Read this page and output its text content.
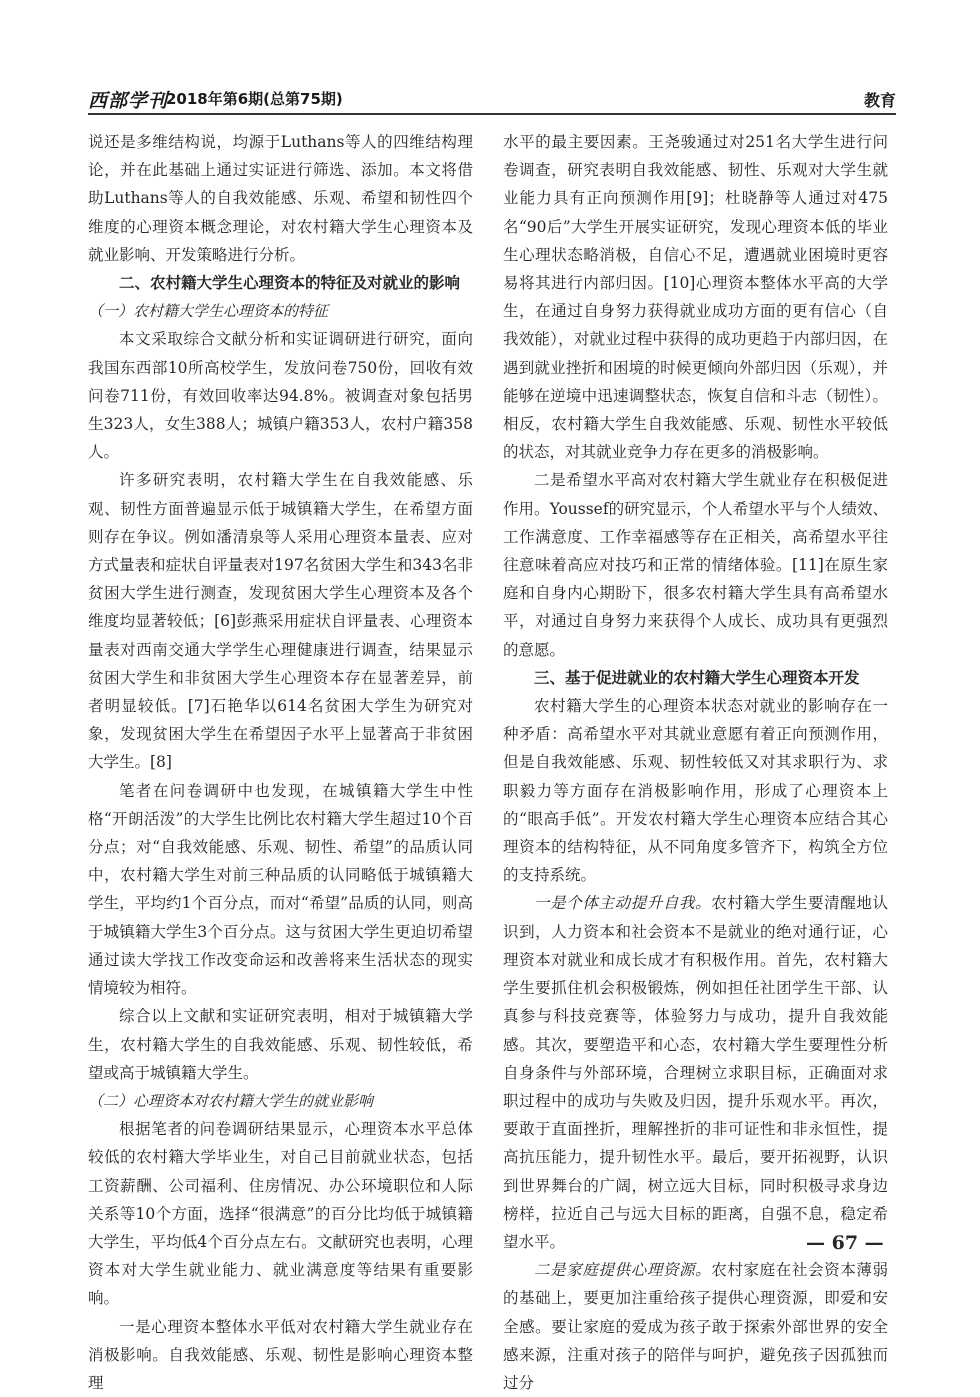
西部学刊
2018年第6期(总第75期)	教育

说还是多维结构说，均源于Luthans等人的四维结构理论，并在此基础上通过实证进行筛选、添加。本文将借助Luthans等人的自我效能感、乐观、希望和韧性四个维度的心理资本概念理论，对农村籍大学生心理资本及就业影响、开发策略进行分析。

二、农村籍大学生心理资本的特征及对就业的影响
（一）农村籍大学生心理资本的特征

本文采取综合文献分析和实证调研进行研究，面向我国东西部10所高校学生，发放问卷750份，回收有效问卷711份，有效回收率达94.8%。被调查对象包括男生323人，女生388人；城镇户籍353人，农村户籍358人。

许多研究表明，农村籍大学生在自我效能感、乐观、韧性方面普遍显示低于城镇籍大学生，在希望方面则存在争议。例如潘清泉等人采用心理资本量表、应对方式量表和症状自评量表对197名贫困大学生和343名非贫困大学生进行测查，发现贫困大学生心理资本及各个维度均显著较低；[6]彭燕采用症状自评量表、心理资本量表对西南交通大学学生心理健康进行调查，结果显示贫困大学生和非贫困大学生心理资本存在显著差异，前者明显较低。[7]石艳华以614名贫困大学生为研究对象，发现贫困大学生在希望因子水平上显著高于非贫困大学生。[8]

笔者在问卷调研中也发现，在城镇籍大学生中性格“开朗活泼”的大学生比例比农村籍大学生超过10个百分点；对“自我效能感、乐观、韧性、希望”的品质认同中，农村籍大学生对前三种品质的认同略低于城镇籍大学生，平均约1个百分点，而对“希望”品质的认同，则高于城镇籍大学生3个百分点。这与贫困大学生更迫切希望通过读大学找工作改变命运和改善将来生活状态的现实情境较为相符。

综合以上文献和实证研究表明，相对于城镇籍大学生，农村籍大学生的自我效能感、乐观、韧性较低，希望或高于城镇籍大学生。

（二）心理资本对农村籍大学生的就业影响

根据笔者的问卷调研结果显示，心理资本水平总体较低的农村籍大学毕业生，对自己目前就业状态，包括工资薪酬、公司福利、住房情况、办公环境职位和人际关系等10个方面，选择“很满意”的百分比均低于城镇籍大学生，平均低4个百分点左右。文献研究也表明，心理资本对大学生就业能力、就业满意度等结果有重要影响。

一是心理资本整体水平低对农村籍大学生就业存在消极影响。自我效能感、乐观、韧性是影响心理资本整理

水平的最主要因素。王尧骏通过对251名大学生进行问卷调查，研究表明自我效能感、韧性、乐观对大学生就业能力具有正向预测作用[9]；杜晓静等人通过对475名“90后”大学生开展实证研究，发现心理资本低的毕业生心理状态略消极，自信心不足，遭遇就业困境时更容易将其进行内部归因。[10]心理资本整体水平高的大学生，在通过自身努力获得就业成功方面的更有信心（自我效能），对就业过程中获得的成功更趋于内部归因，在遇到就业挫折和困境的时候更倾向外部归因（乐观），并能够在逆境中迅速调整状态，恢复自信和斗志（韧性）。相反，农村籍大学生自我效能感、乐观、韧性水平较低的状态，对其就业竞争力存在更多的消极影响。

二是希望水平高对农村籍大学生就业存在积极促进作用。Youssef的研究显示，个人希望水平与个人绩效、工作满意度、工作幸福感等存在正相关，高希望水平往往意味着高应对技巧和正常的情绪体验。[11]在原生家庭和自身内心期盼下，很多农村籍大学生具有高希望水平，对通过自身努力来获得个人成长、成功具有更强烈的意愿。

三、基于促进就业的农村籍大学生心理资本开发

农村籍大学生的心理资本状态对就业的影响存在一种矛盾：高希望水平对其就业意愿有着正向预测作用，但是自我效能感、乐观、韧性较低又对其求职行为、求职毅力等方面存在消极影响作用，形成了心理资本上的“眼高手低”。开发农村籍大学生心理资本应结合其心理资本的结构特征，从不同角度多管齐下，构筑全方位的支持系统。

一是个体主动提升自我。农村籍大学生要清醒地认识到，人力资本和社会资本不是就业的绝对通行证，心理资本对就业和成长成才有积极作用。首先，农村籍大学生要抓住机会积极锻炼，例如担任社团学生干部、认真参与科技竞赛等，体验努力与成功，提升自我效能感。其次，要塑造平和心态，农村籍大学生要理性分析自身条件与外部环境，合理树立求职目标，正确面对求职过程中的成功与失败及归因，提升乐观水平。再次，要敢于直面挫折，理解挫折的非可证性和非永恒性，提高抗压能力，提升韧性水平。最后，要开拓视野，认识到世界舞台的广阔，树立远大目标，同时积极寻求身边榜样，拉近自己与远大目标的距离，自强不息，稳定希望水平。

二是家庭提供心理资源。农村家庭在社会资本薄弱的基础上，要更加注重给孩子提供心理资源，即爱和安全感。要让家庭的爱成为孩子敢于探索外部世界的安全感来源，注重对孩子的陪伴与呵护，避免孩子因孤独而过分

— 67 —
